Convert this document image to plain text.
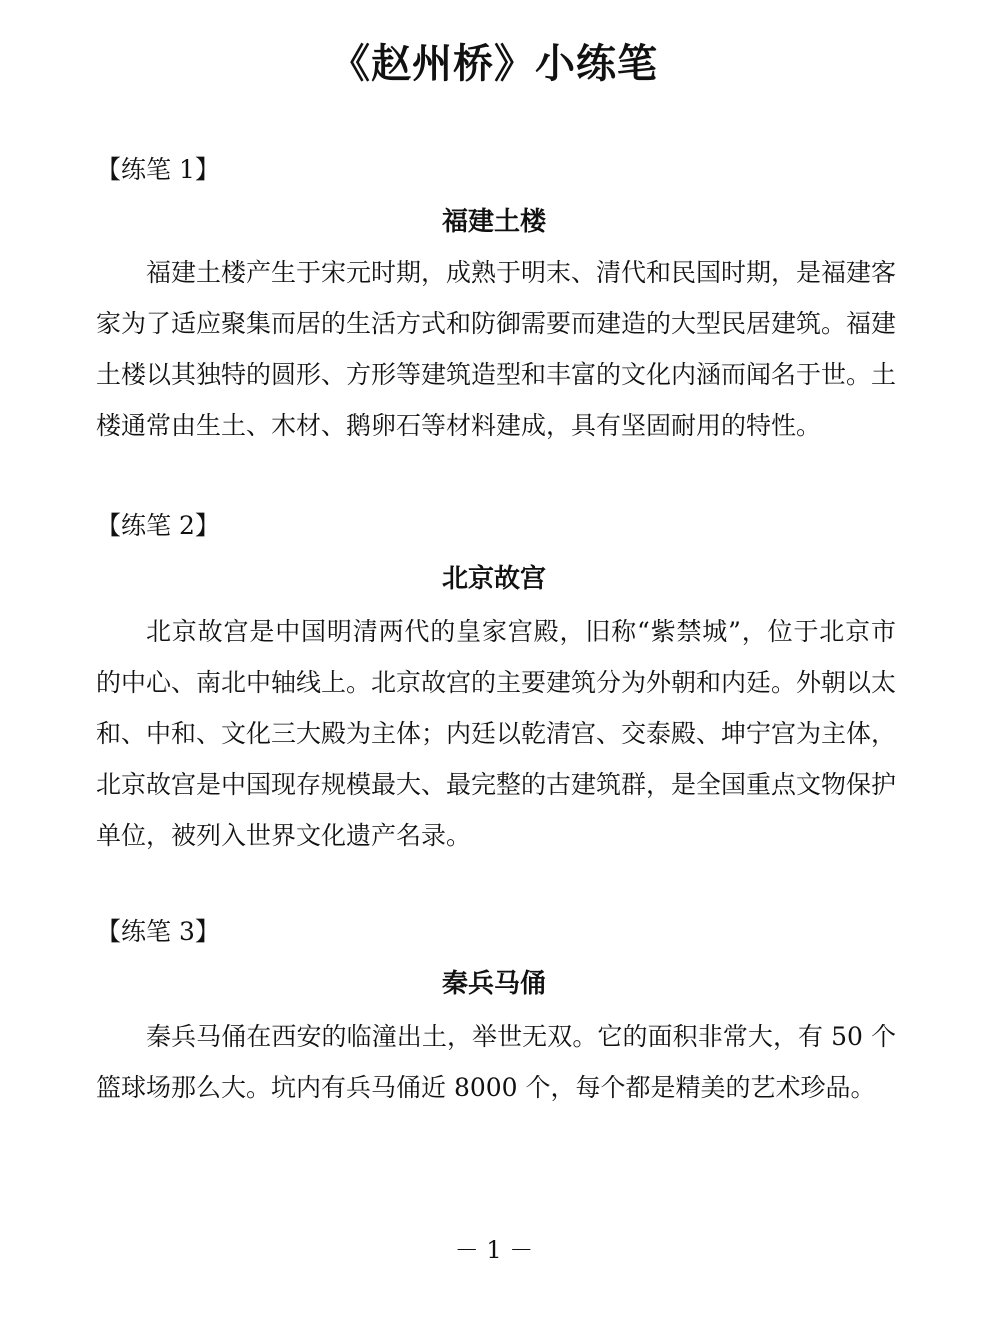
《赵州桥》小练笔
【练笔 1】
福建土楼

福建土楼产生于宋元时期，成熟于明末、清代和民国时期，是福建客家为了适应聚集而居的生活方式和防御需要而建造的大型民居建筑。福建土楼以其独特的圆形、方形等建筑造型和丰富的文化内涵而闻名于世。土楼通常由生土、木材、鹅卵石等材料建成，具有坚固耐用的特性。

【练笔 2】
北京故宫

北京故宫是中国明清两代的皇家宫殿，旧称“紫禁城”，位于北京市的中心、南北中轴线上。北京故宫的主要建筑分为外朝和内廷。外朝以太和、中和、文化三大殿为主体；内廷以乾清宫、交泰殿、坤宁宫为主体，北京故宫是中国现存规模最大、最完整的古建筑群，是全国重点文物保护单位，被列入世界文化遗产名录。

【练笔 3】
秦兵马俑

秦兵马俑在西安的临潼出土，举世无双。它的面积非常大，有 50 个篮球场那么大。坑内有兵马俑近 8000 个，每个都是精美的艺术珍品。

－ 1 －
